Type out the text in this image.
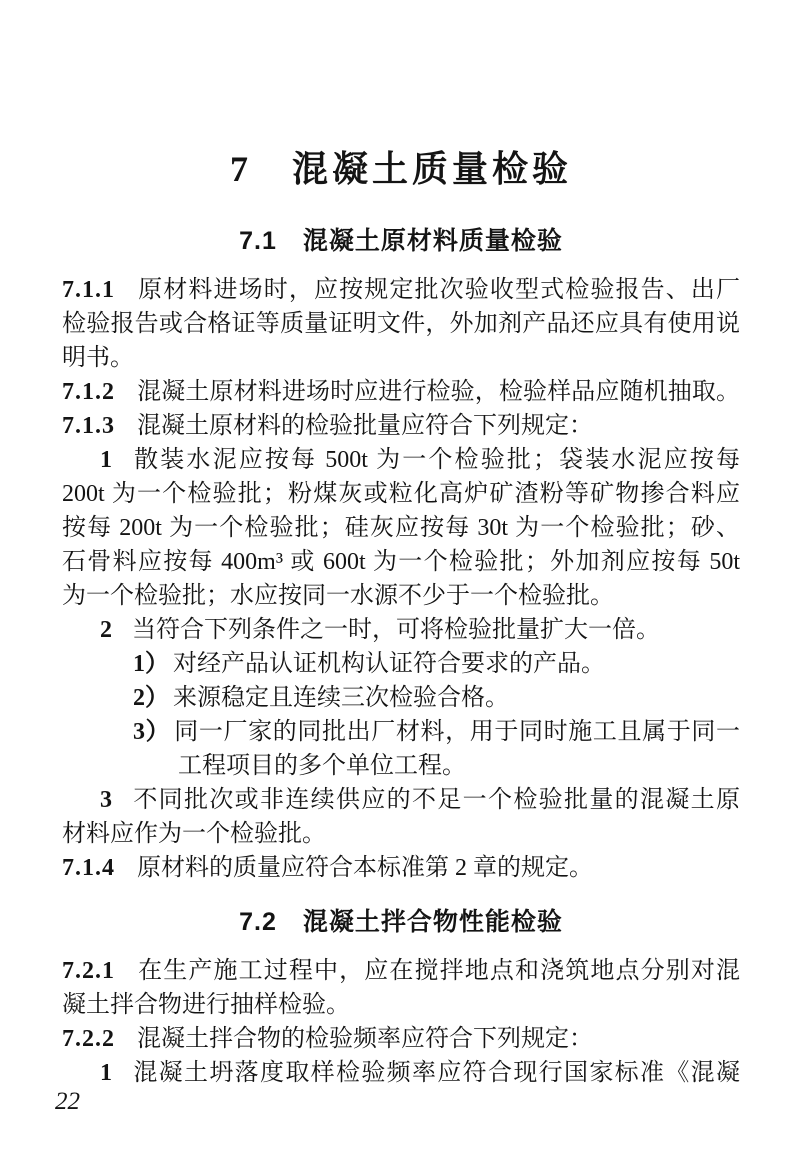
7　混凝土质量检验
7.1　混凝土原材料质量检验
7.1.1 原材料进场时，应按规定批次验收型式检验报告、出厂
检验报告或合格证等质量证明文件，外加剂产品还应具有使用说
明书。
7.1.2 混凝土原材料进场时应进行检验，检验样品应随机抽取。
7.1.3 混凝土原材料的检验批量应符合下列规定：
1 散装水泥应按每 500t 为一个检验批；袋装水泥应按每
200t 为一个检验批；粉煤灰或粒化高炉矿渣粉等矿物掺合料应
按每 200t 为一个检验批；硅灰应按每 30t 为一个检验批；砂、
石骨料应按每 400m³ 或 600t 为一个检验批；外加剂应按每 50t
为一个检验批；水应按同一水源不少于一个检验批。
2 当符合下列条件之一时，可将检验批量扩大一倍。
1） 对经产品认证机构认证符合要求的产品。
2） 来源稳定且连续三次检验合格。
3） 同一厂家的同批出厂材料，用于同时施工且属于同一
工程项目的多个单位工程。
3 不同批次或非连续供应的不足一个检验批量的混凝土原
材料应作为一个检验批。
7.1.4 原材料的质量应符合本标准第 2 章的规定。
7.2　混凝土拌合物性能检验
7.2.1 在生产施工过程中，应在搅拌地点和浇筑地点分别对混
凝土拌合物进行抽样检验。
7.2.2 混凝土拌合物的检验频率应符合下列规定：
1 混凝土坍落度取样检验频率应符合现行国家标准《混凝
22
